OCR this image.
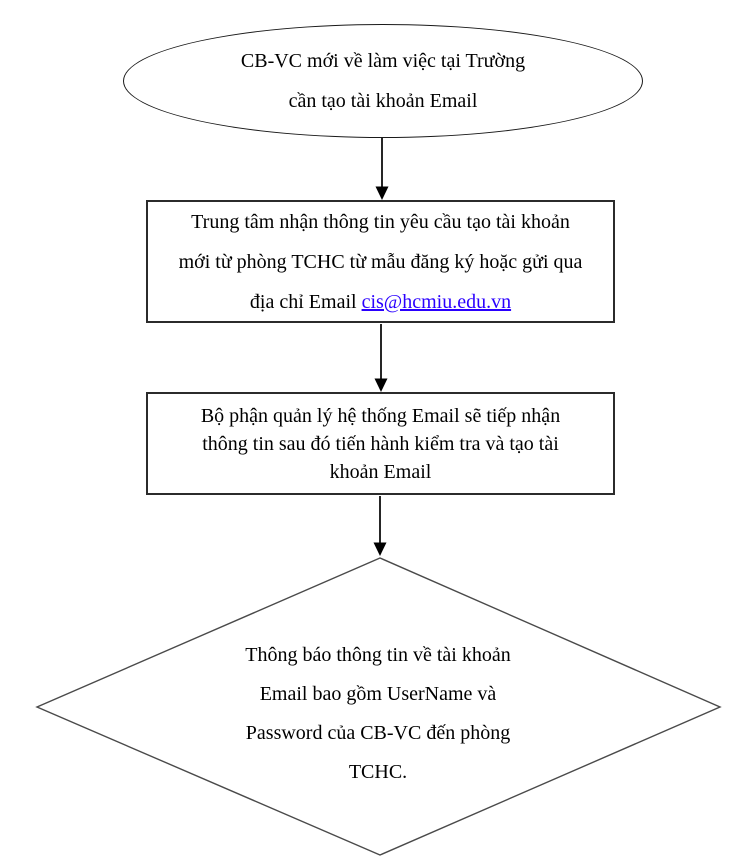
CB-VC mới về làm việc tại Trường
cần tạo tài khoản Email
Trung tâm nhận thông tin yêu cầu tạo tài khoản
mới từ phòng TCHC từ mẫu đăng ký hoặc gửi qua
địa chỉ Email cis@hcmiu.edu.vn
Bộ phận quản lý hệ thống Email sẽ tiếp nhận
thông tin sau đó tiến hành kiểm tra và tạo tài
khoản Email
Thông báo thông tin về tài khoản
Email bao gồm UserName và
Password của CB-VC đến phòng
TCHC.
